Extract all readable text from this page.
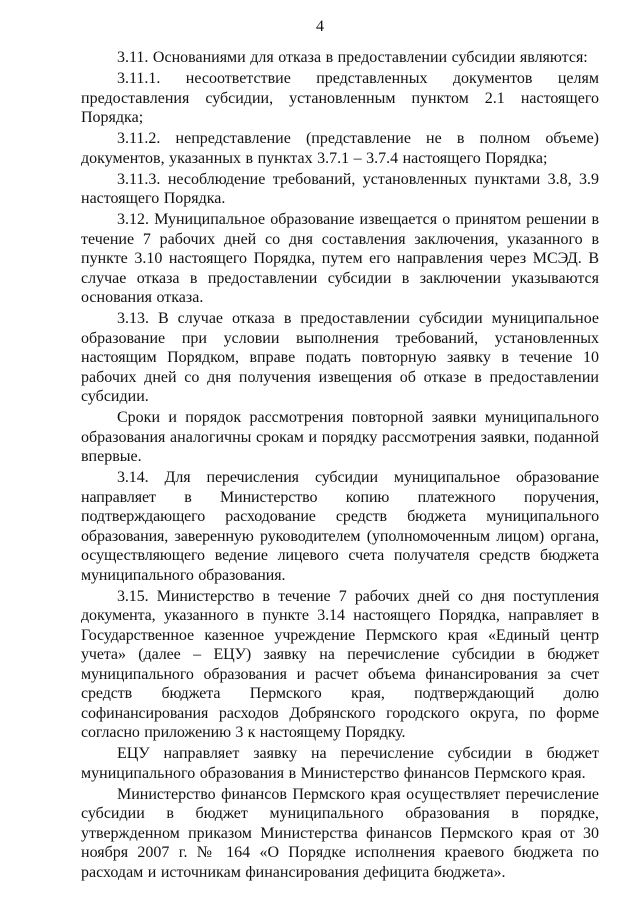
4

3.11. Основаниями для отказа в предоставлении субсидии являются:

3.11.1. несоответствие представленных документов целям предоставления субсидии, установленным пунктом 2.1 настоящего Порядка;

3.11.2. непредставление (представление не в полном объеме) документов, указанных в пунктах 3.7.1 – 3.7.4 настоящего Порядка;

3.11.3. несоблюдение требований, установленных пунктами 3.8, 3.9 настоящего Порядка.

3.12. Муниципальное образование извещается о принятом решении в течение 7 рабочих дней со дня составления заключения, указанного в пункте 3.10 настоящего Порядка, путем его направления через МСЭД. В случае отказа в предоставлении субсидии в заключении указываются основания отказа.

3.13. В случае отказа в предоставлении субсидии муниципальное образование при условии выполнения требований, установленных настоящим Порядком, вправе подать повторную заявку в течение 10 рабочих дней со дня получения извещения об отказе в предоставлении субсидии.

Сроки и порядок рассмотрения повторной заявки муниципального образования аналогичны срокам и порядку рассмотрения заявки, поданной впервые.

3.14. Для перечисления субсидии муниципальное образование направляет в Министерство копию платежного поручения, подтверждающего расходование средств бюджета муниципального образования, заверенную руководителем (уполномоченным лицом) органа, осуществляющего ведение лицевого счета получателя средств бюджета муниципального образования.

3.15. Министерство в течение 7 рабочих дней со дня поступления документа, указанного в пункте 3.14 настоящего Порядка, направляет в Государственное казенное учреждение Пермского края «Единый центр учета» (далее – ЕЦУ) заявку на перечисление субсидии в бюджет муниципального образования и расчет объема финансирования за счет средств бюджета Пермского края, подтверждающий долю софинансирования расходов Добрянского городского округа, по форме согласно приложению 3 к настоящему Порядку.

ЕЦУ направляет заявку на перечисление субсидии в бюджет муниципального образования в Министерство финансов Пермского края.

Министерство финансов Пермского края осуществляет перечисление субсидии в бюджет муниципального образования в порядке, утвержденном приказом Министерства финансов Пермского края от 30 ноября 2007 г. № 164 «О Порядке исполнения краевого бюджета по расходам и источникам финансирования дефицита бюджета».
